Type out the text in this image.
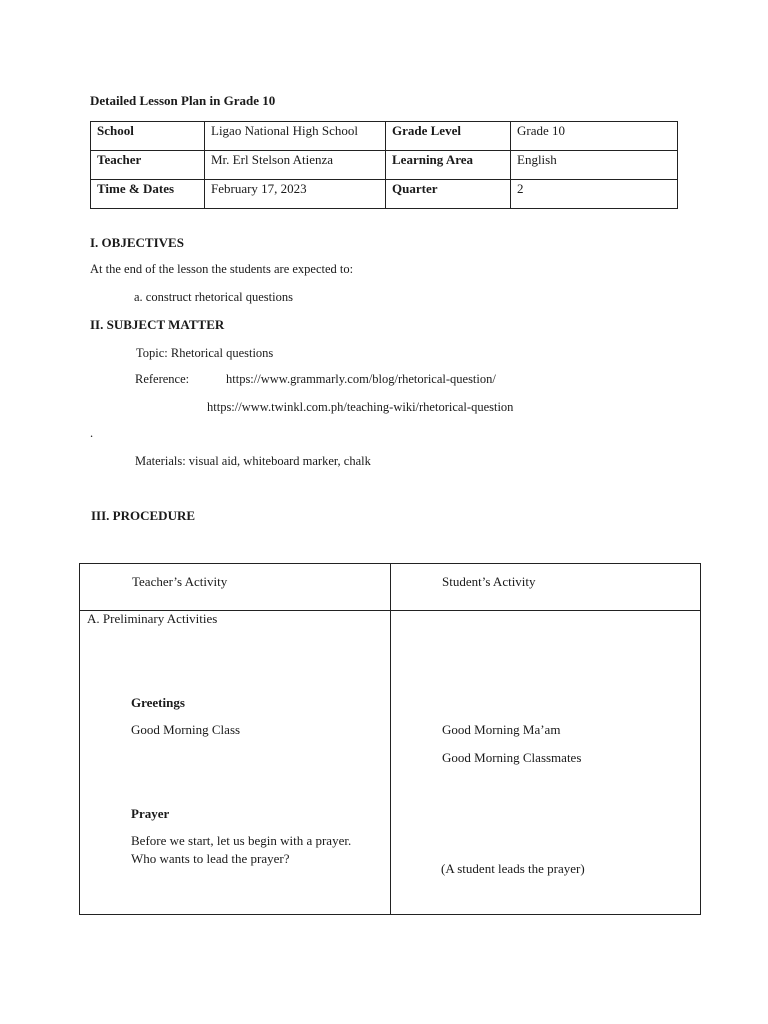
Detailed Lesson Plan in Grade 10
School	Ligao National High School	Grade Level	Grade 10
Teacher	Mr. Erl Stelson Atienza	Learning Area	English
Time & Dates	February 17, 2023	Quarter	2
I. OBJECTIVES
At the end of the lesson the students are expected to:
a. construct rhetorical questions
II. SUBJECT MATTER
Topic: Rhetorical questions
Reference:	https://www.grammarly.com/blog/rhetorical-question/
https://www.twinkl.com.ph/teaching-wiki/rhetorical-question
.
Materials: visual aid, whiteboard marker, chalk
III. PROCEDURE
Teacher’s Activity	Student’s Activity
A. Preliminary Activities
Greetings
Good Morning Class	Good Morning Ma’am
Good Morning Classmates
Prayer
Before we start, let us begin with a prayer.
Who wants to lead the prayer?
(A student leads the prayer)
